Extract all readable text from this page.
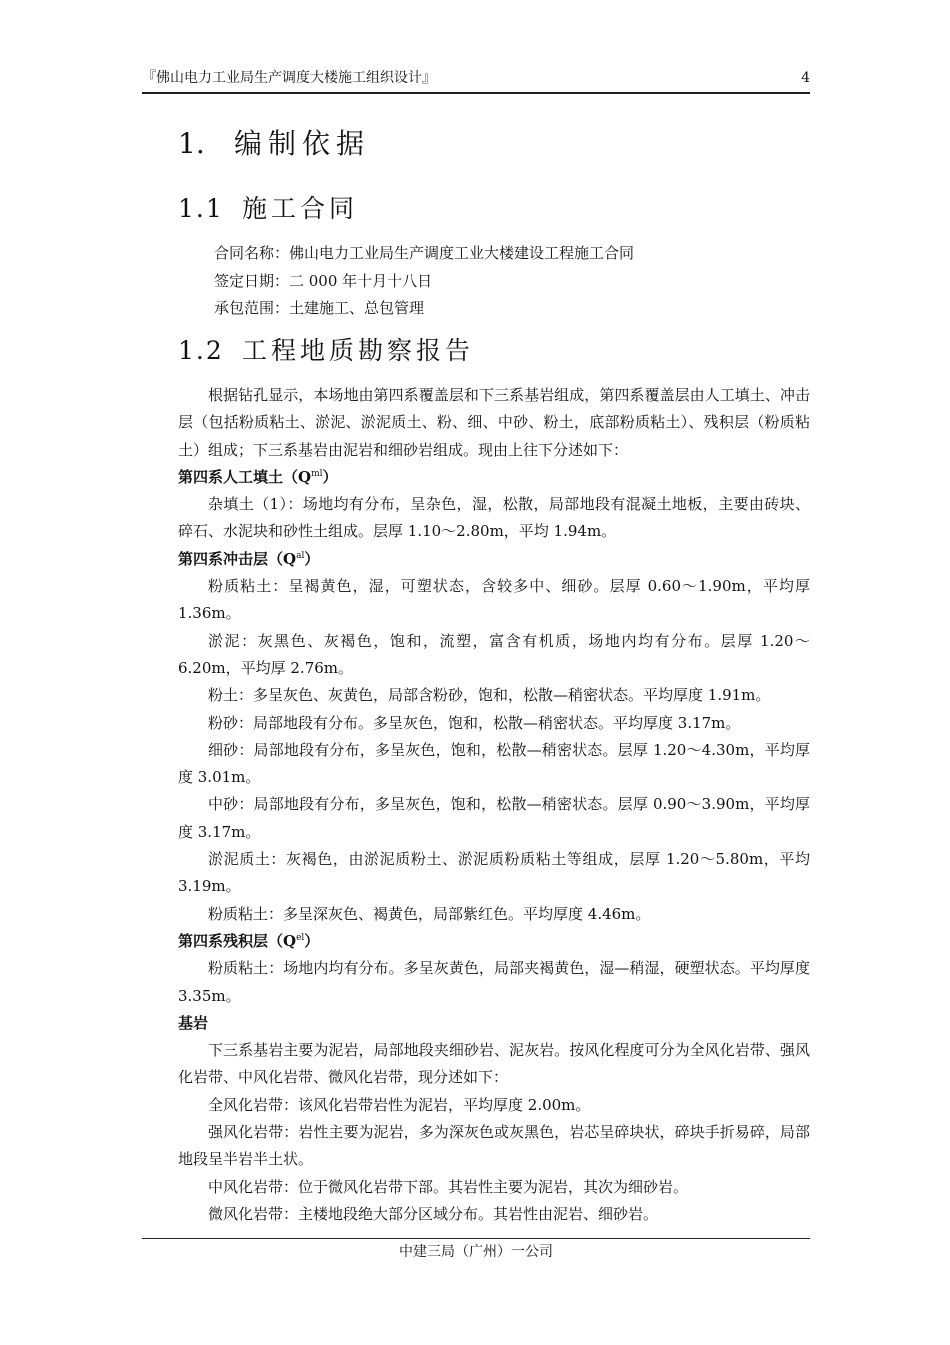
『佛山电力工业局生产调度大楼施工组织设计』	4
1. 编制依据
1.1 施工合同
合同名称：佛山电力工业局生产调度工业大楼建设工程施工合同
签定日期：二 000 年十月十八日
承包范围：土建施工、总包管理
1.2 工程地质勘察报告

根据钻孔显示，本场地由第四系覆盖层和下三系基岩组成，第四系覆盖层由人工填土、冲击层（包括粉质粘土、淤泥、淤泥质土、粉、细、中砂、粉土，底部粉质粘土）、残积层（粉质粘土）组成；下三系基岩由泥岩和细砂岩组成。现由上往下分述如下：

第四系人工填土$(Q^{ml})$

杂填土（1）：场地均有分布，呈杂色，湿，松散，局部地段有混凝土地板，主要由砖块、碎石、水泥块和砂性土组成。层厚 1.10～2.80m，平均 1.94m。

第四系冲击层$(Q^{al})$

粉质粘土：呈褐黄色，湿，可塑状态，含较多中、细砂。层厚 0.60～1.90m，平均厚 1.36m。

淤泥：灰黑色、灰褐色，饱和，流塑，富含有机质，场地内均有分布。层厚 1.20～6.20m，平均厚 2.76m。

粉土：多呈灰色、灰黄色，局部含粉砂，饱和，松散—稍密状态。平均厚度 1.91m。

粉砂：局部地段有分布。多呈灰色，饱和，松散—稍密状态。平均厚度 3.17m。

细砂：局部地段有分布，多呈灰色，饱和，松散—稍密状态。层厚 1.20～4.30m，平均厚度 3.01m。

中砂：局部地段有分布，多呈灰色，饱和，松散—稍密状态。层厚 0.90～3.90m，平均厚度 3.17m。

淤泥质土：灰褐色，由淤泥质粉土、淤泥质粉质粘土等组成，层厚 1.20～5.80m，平均 3.19m。

粉质粘土：多呈深灰色、褐黄色，局部紫红色。平均厚度 4.46m。

第四系残积层$(Q^{el})$

粉质粘土：场地内均有分布。多呈灰黄色，局部夹褐黄色，湿—稍湿，硬塑状态。平均厚度 3.35m。

基岩

下三系基岩主要为泥岩，局部地段夹细砂岩、泥灰岩。按风化程度可分为全风化岩带、强风化岩带、中风化岩带、微风化岩带，现分述如下：

全风化岩带：该风化岩带岩性为泥岩，平均厚度 2.00m。

强风化岩带：岩性主要为泥岩，多为深灰色或灰黑色，岩芯呈碎块状，碎块手折易碎，局部地段呈半岩半土状。

中风化岩带：位于微风化岩带下部。其岩性主要为泥岩，其次为细砂岩。

微风化岩带：主楼地段绝大部分区域分布。其岩性由泥岩、细砂岩。

中建三局（广州）一公司
